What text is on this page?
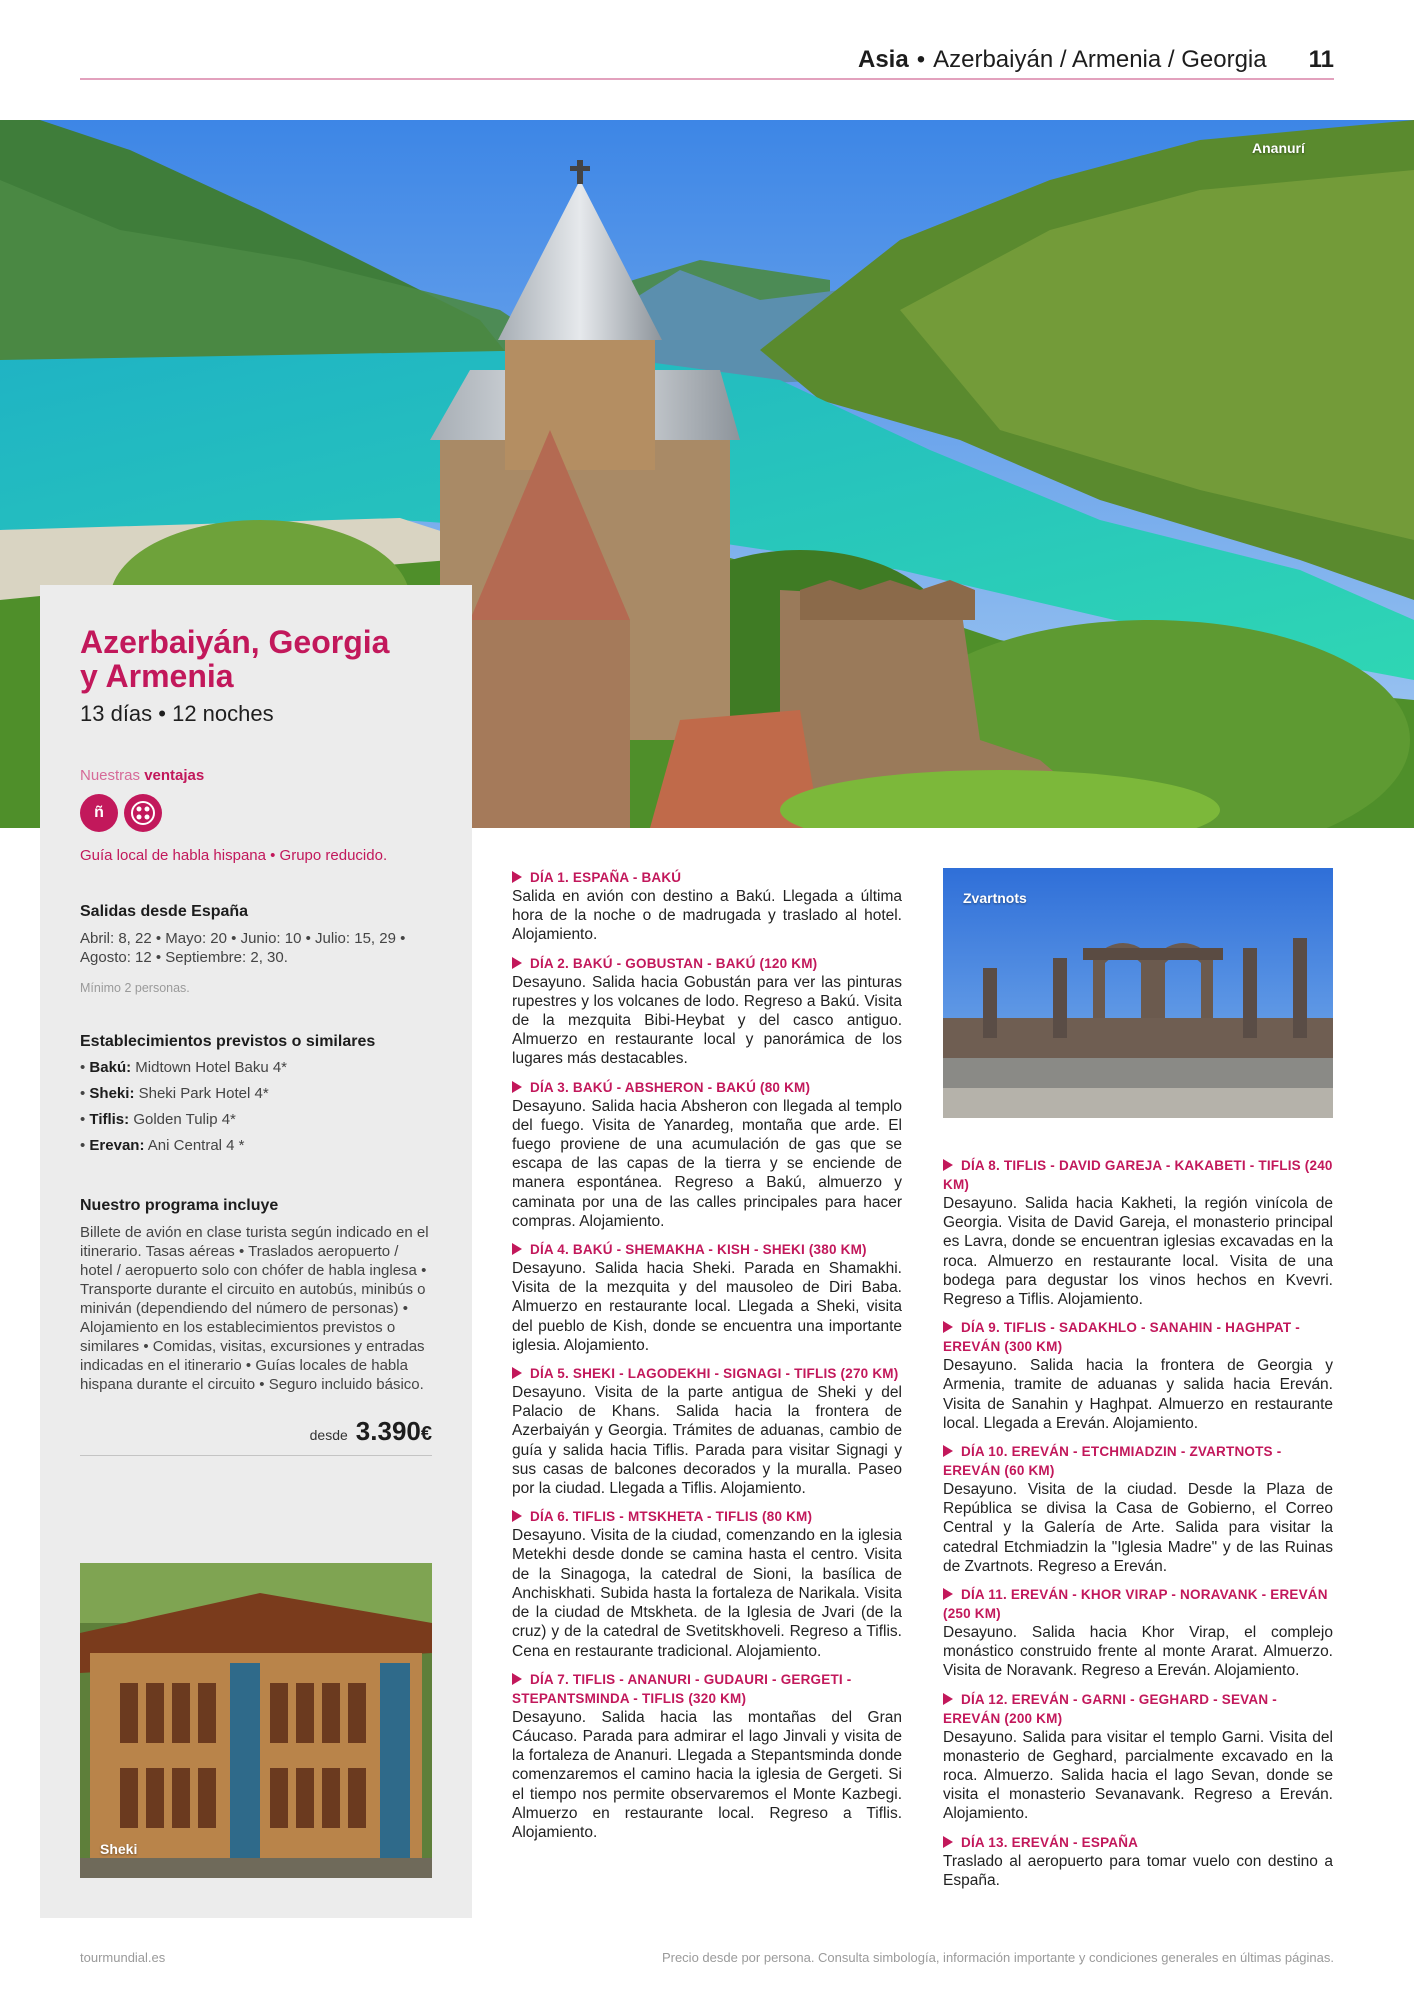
Asia • Azerbaiyán / Armenia / Georgia 11
Ananurí
Azerbaiyán, Georgia
y Armenia
13 días • 12 noches
Nuestras ventajas
ñ
Guía local de habla hispana • Grupo reducido.
Salidas desde España
Abril: 8, 22 • Mayo: 20 • Junio: 10 • Julio: 15, 29 • Agosto: 12 • Septiembre: 2, 30.
Mínimo 2 personas.
Establecimientos previstos o similares
• Bakú: Midtown Hotel Baku 4*
• Sheki: Sheki Park Hotel 4*
• Tiflis: Golden Tulip 4*
• Erevan: Ani Central 4 *
Nuestro programa incluye
Billete de avión en clase turista según indicado en el itinerario. Tasas aéreas • Traslados aeropuerto / hotel / aeropuerto solo con chófer de habla inglesa • Transporte durante el circuito en autobús, minibús o miniván (dependiendo del número de personas) • Alojamiento en los establecimientos previstos o similares • Comidas, visitas, excursiones y entradas indicadas en el itinerario • Guías locales de habla hispana durante el circuito • Seguro incluido básico.
desde 3.390 €
Sheki
DÍA 1. ESPAÑA - BAKÚ
Salida en avión con destino a Bakú. Llegada a última hora de la noche o de madrugada y traslado al hotel. Alojamiento.
DÍA 2. BAKÚ - GOBUSTAN - BAKÚ (120 KM)
Desayuno. Salida hacia Gobustán para ver las pinturas rupestres y los volcanes de lodo. Regreso a Bakú. Visita de la mezquita Bibi-Heybat y del casco antiguo. Almuerzo en restaurante local y panorámica de los lugares más destacables.
DÍA 3. BAKÚ - ABSHERON - BAKÚ (80 KM)
Desayuno. Salida hacia Absheron con llegada al templo del fuego. Visita de Yanardeg, montaña que arde. El fuego proviene de una acumulación de gas que se escapa de las capas de la tierra y se enciende de manera espontánea. Regreso a Bakú, almuerzo y caminata por una de las calles principales para hacer compras. Alojamiento.
DÍA 4. BAKÚ - SHEMAKHA - KISH - SHEKI (380 KM)
Desayuno. Salida hacia Sheki. Parada en Shamakhi. Visita de la mezquita y del mausoleo de Diri Baba. Almuerzo en restaurante local. Llegada a Sheki, visita del pueblo de Kish, donde se encuentra una importante iglesia. Alojamiento.
DÍA 5. SHEKI - LAGODEKHI - SIGNAGI - TIFLIS (270 KM)
Desayuno. Visita de la parte antigua de Sheki y del Palacio de Khans. Salida hacia la frontera de Azerbaiyán y Georgia. Trámites de aduanas, cambio de guía y salida hacia Tiflis. Parada para visitar Signagi y sus casas de balcones decorados y la muralla. Paseo por la ciudad. Llegada a Tiflis. Alojamiento.
DÍA 6. TIFLIS - MTSKHETA - TIFLIS (80 KM)
Desayuno. Visita de la ciudad, comenzando en la iglesia Metekhi desde donde se camina hasta el centro. Visita de la Sinagoga, la catedral de Sioni, la basílica de Anchiskhati. Subida hasta la fortaleza de Narikala. Visita de la ciudad de Mtskheta. de la Iglesia de Jvari (de la cruz) y de la catedral de Svetitskhoveli. Regreso a Tiflis. Cena en restaurante tradicional. Alojamiento.
DÍA 7. TIFLIS - ANANURI - GUDAURI - GERGETI - STEPANTSMINDA - TIFLIS (320 KM)
Desayuno. Salida hacia las montañas del Gran Cáucaso. Parada para admirar el lago Jinvali y visita de la fortaleza de Ananuri. Llegada a Stepantsminda donde comenzaremos el camino hacia la iglesia de Gergeti. Si el tiempo nos permite observaremos el Monte Kazbegi. Almuerzo en restaurante local. Regreso a Tiflis. Alojamiento.
Zvartnots
DÍA 8. TIFLIS - DAVID GAREJA - KAKABETI - TIFLIS (240 KM)
Desayuno. Salida hacia Kakheti, la región vinícola de Georgia. Visita de David Gareja, el monasterio principal es Lavra, donde se encuentran iglesias excavadas en la roca. Almuerzo en restaurante local. Visita de una bodega para degustar los vinos hechos en Kvevri. Regreso a Tiflis. Alojamiento.
DÍA 9. TIFLIS - SADAKHLO - SANAHIN - HAGHPAT - EREVÁN (300 KM)
Desayuno. Salida hacia la frontera de Georgia y Armenia, tramite de aduanas y salida hacia Ereván. Visita de Sanahin y Haghpat. Almuerzo en restaurante local. Llegada a Ereván. Alojamiento.
DÍA 10. EREVÁN - ETCHMIADZIN - ZVARTNOTS - EREVÁN (60 KM)
Desayuno. Visita de la ciudad. Desde la Plaza de República se divisa la Casa de Gobierno, el Correo Central y la Galería de Arte. Salida para visitar la catedral Etchmiadzin la "Iglesia Madre" y de las Ruinas de Zvartnots. Regreso a Ereván.
DÍA 11. EREVÁN - KHOR VIRAP - NORAVANK - EREVÁN (250 KM)
Desayuno. Salida hacia Khor Virap, el complejo monástico construido frente al monte Ararat. Almuerzo. Visita de Noravank. Regreso a Ereván. Alojamiento.
DÍA 12. EREVÁN - GARNI - GEGHARD - SEVAN - EREVÁN (200 KM)
Desayuno. Salida para visitar el templo Garni. Visita del monasterio de Geghard, parcialmente excavado en la roca. Almuerzo. Salida hacia el lago Sevan, donde se visita el monasterio Sevanavank. Regreso a Ereván. Alojamiento.
DÍA 13. EREVÁN - ESPAÑA
Traslado al aeropuerto para tomar vuelo con destino a España.
tourmundial.es	Precio desde por persona. Consulta simbología, información importante y condiciones generales en últimas páginas.
